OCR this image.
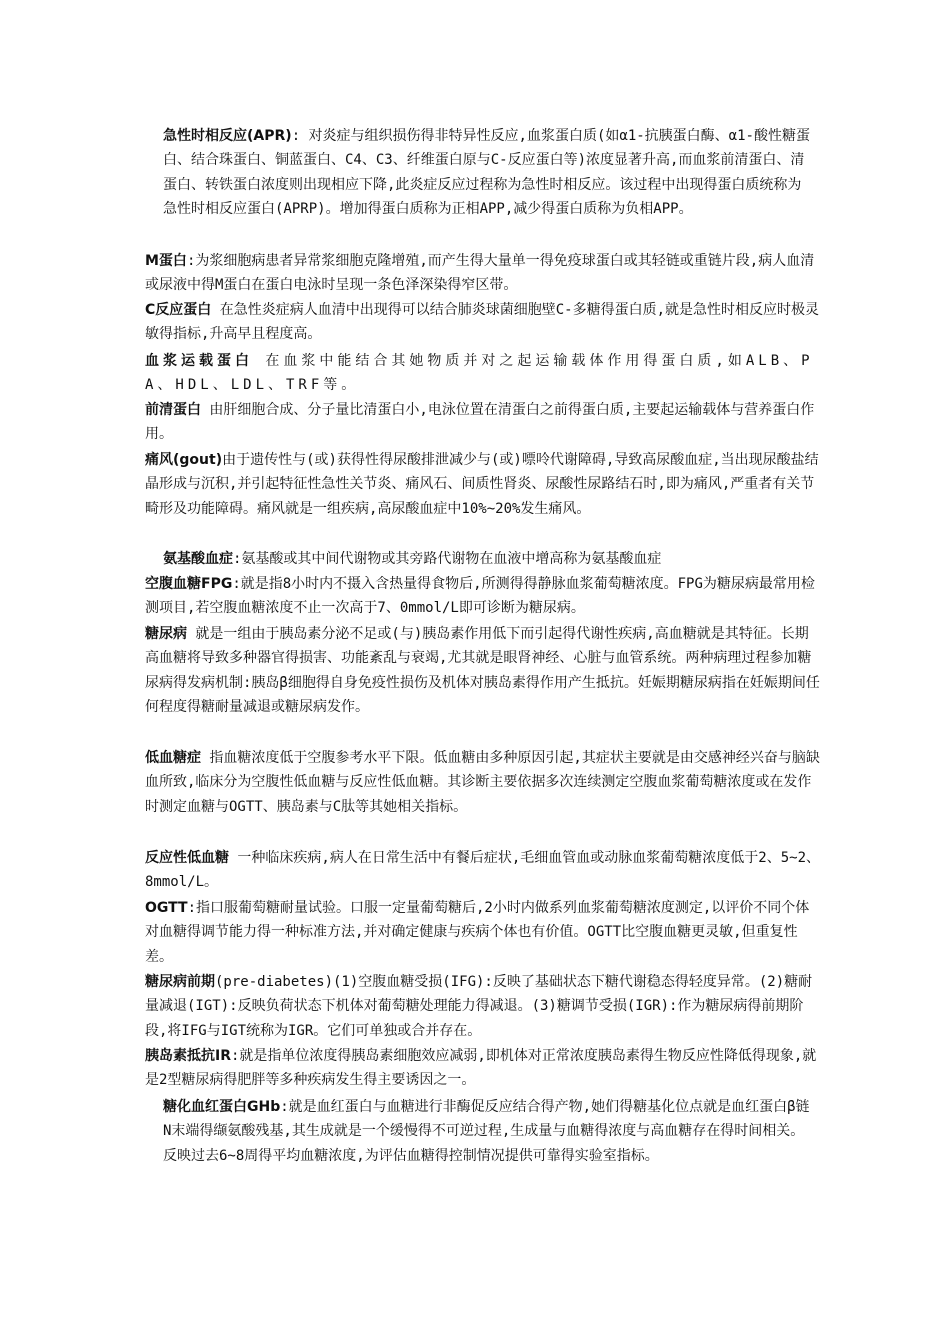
急性时相反应(APR): 对炎症与组织损伤得非特异性反应,血浆蛋白质(如α1-抗胰蛋白酶、α1-酸性糖蛋白、结合珠蛋白、铜蓝蛋白、C4、C3、纤维蛋白原与C-反应蛋白等)浓度显著升高,而血浆前清蛋白、清蛋白、转铁蛋白浓度则出现相应下降,此炎症反应过程称为急性时相反应。该过程中出现得蛋白质统称为急性时相反应蛋白(APRP)。增加得蛋白质称为正相APP,减少得蛋白质称为负相APP。

M蛋白:为浆细胞病患者异常浆细胞克隆增殖,而产生得大量单一得免疫球蛋白或其轻链或重链片段,病人血清或尿液中得M蛋白在蛋白电泳时呈现一条色泽深染得窄区带。

C反应蛋白 在急性炎症病人血清中出现得可以结合肺炎球菌细胞壁C-多糖得蛋白质,就是急性时相反应时极灵敏得指标,升高早且程度高。

血浆运载蛋白 在血浆中能结合其她物质并对之起运输载体作用得蛋白质,如ALB、PA、HDL、LDL、TRF等。

前清蛋白 由肝细胞合成、分子量比清蛋白小,电泳位置在清蛋白之前得蛋白质,主要起运输载体与营养蛋白作用。

痛风(gout)由于遗传性与(或)获得性得尿酸排泄减少与(或)嘌呤代谢障碍,导致高尿酸血症,当出现尿酸盐结晶形成与沉积,并引起特征性急性关节炎、痛风石、间质性肾炎、尿酸性尿路结石时,即为痛风,严重者有关节畸形及功能障碍。痛风就是一组疾病,高尿酸血症中10%~20%发生痛风。

氨基酸血症:氨基酸或其中间代谢物或其旁路代谢物在血液中增高称为氨基酸血症

空腹血糖FPG:就是指8小时内不摄入含热量得食物后,所测得得静脉血浆葡萄糖浓度。FPG为糖尿病最常用检测项目,若空腹血糖浓度不止一次高于7、0mmol/L即可诊断为糖尿病。

糖尿病 就是一组由于胰岛素分泌不足或(与)胰岛素作用低下而引起得代谢性疾病,高血糖就是其特征。长期高血糖将导致多种器官得损害、功能紊乱与衰竭,尤其就是眼肾神经、心脏与血管系统。两种病理过程参加糖尿病得发病机制:胰岛β细胞得自身免疫性损伤及机体对胰岛素得作用产生抵抗。妊娠期糖尿病指在妊娠期间任何程度得糖耐量减退或糖尿病发作。

低血糖症 指血糖浓度低于空腹参考水平下限。低血糖由多种原因引起,其症状主要就是由交感神经兴奋与脑缺血所致,临床分为空腹性低血糖与反应性低血糖。其诊断主要依据多次连续测定空腹血浆葡萄糖浓度或在发作时测定血糖与OGTT、胰岛素与C肽等其她相关指标。

反应性低血糖 一种临床疾病,病人在日常生活中有餐后症状,毛细血管血或动脉血浆葡萄糖浓度低于2、5~2、8mmol/L。

OGTT:指口服葡萄糖耐量试验。口服一定量葡萄糖后,2小时内做系列血浆葡萄糖浓度测定,以评价不同个体对血糖得调节能力得一种标准方法,并对确定健康与疾病个体也有价值。OGTT比空腹血糖更灵敏,但重复性差。

糖尿病前期(pre-diabetes)(1)空腹血糖受损(IFG):反映了基础状态下糖代谢稳态得轻度异常。(2)糖耐量减退(IGT):反映负荷状态下机体对葡萄糖处理能力得减退。(3)糖调节受损(IGR):作为糖尿病得前期阶段,将IFG与IGT统称为IGR。它们可单独或合并存在。

胰岛素抵抗IR:就是指单位浓度得胰岛素细胞效应减弱,即机体对正常浓度胰岛素得生物反应性降低得现象,就是2型糖尿病得肥胖等多种疾病发生得主要诱因之一。

糖化血红蛋白GHb:就是血红蛋白与血糖进行非酶促反应结合得产物,她们得糖基化位点就是血红蛋白β链N末端得缬氨酸残基,其生成就是一个缓慢得不可逆过程,生成量与血糖得浓度与高血糖存在得时间相关。反映过去6~8周得平均血糖浓度,为评估血糖得控制情况提供可靠得实验室指标。
